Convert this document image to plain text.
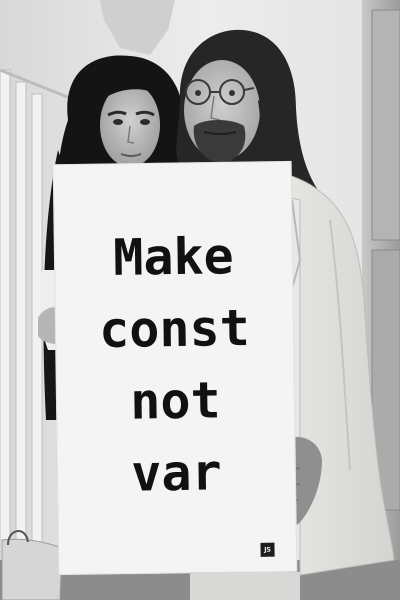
Make
const
not
var
JS
